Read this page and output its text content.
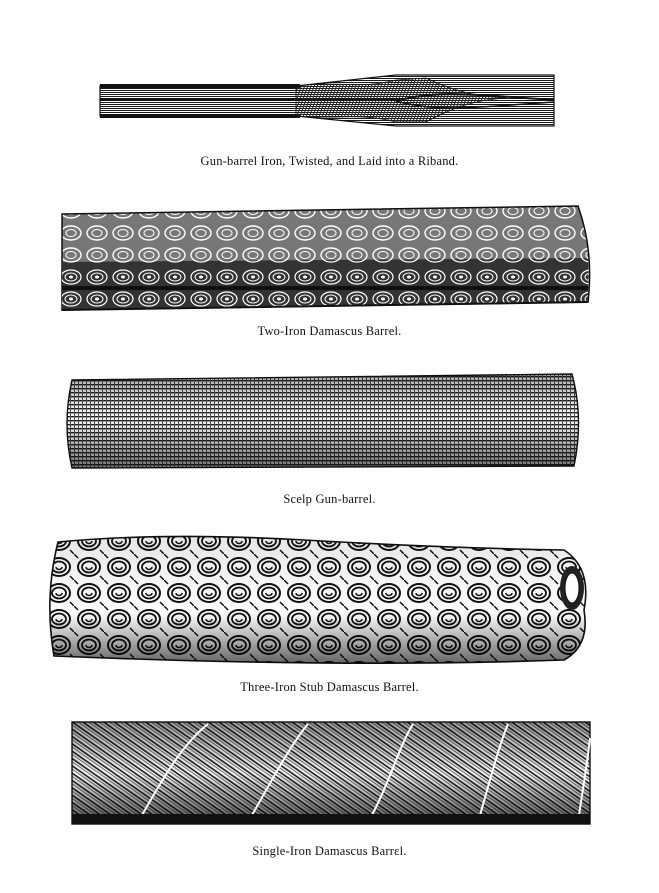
Gun-barrel Iron, Twisted, and Laid into a Riband.
Two-Iron Damascus Barrel.
Scelp Gun-barrel.
Three-Iron Stub Damascus Barrel.
Single-Iron Damascus Barrεl.
